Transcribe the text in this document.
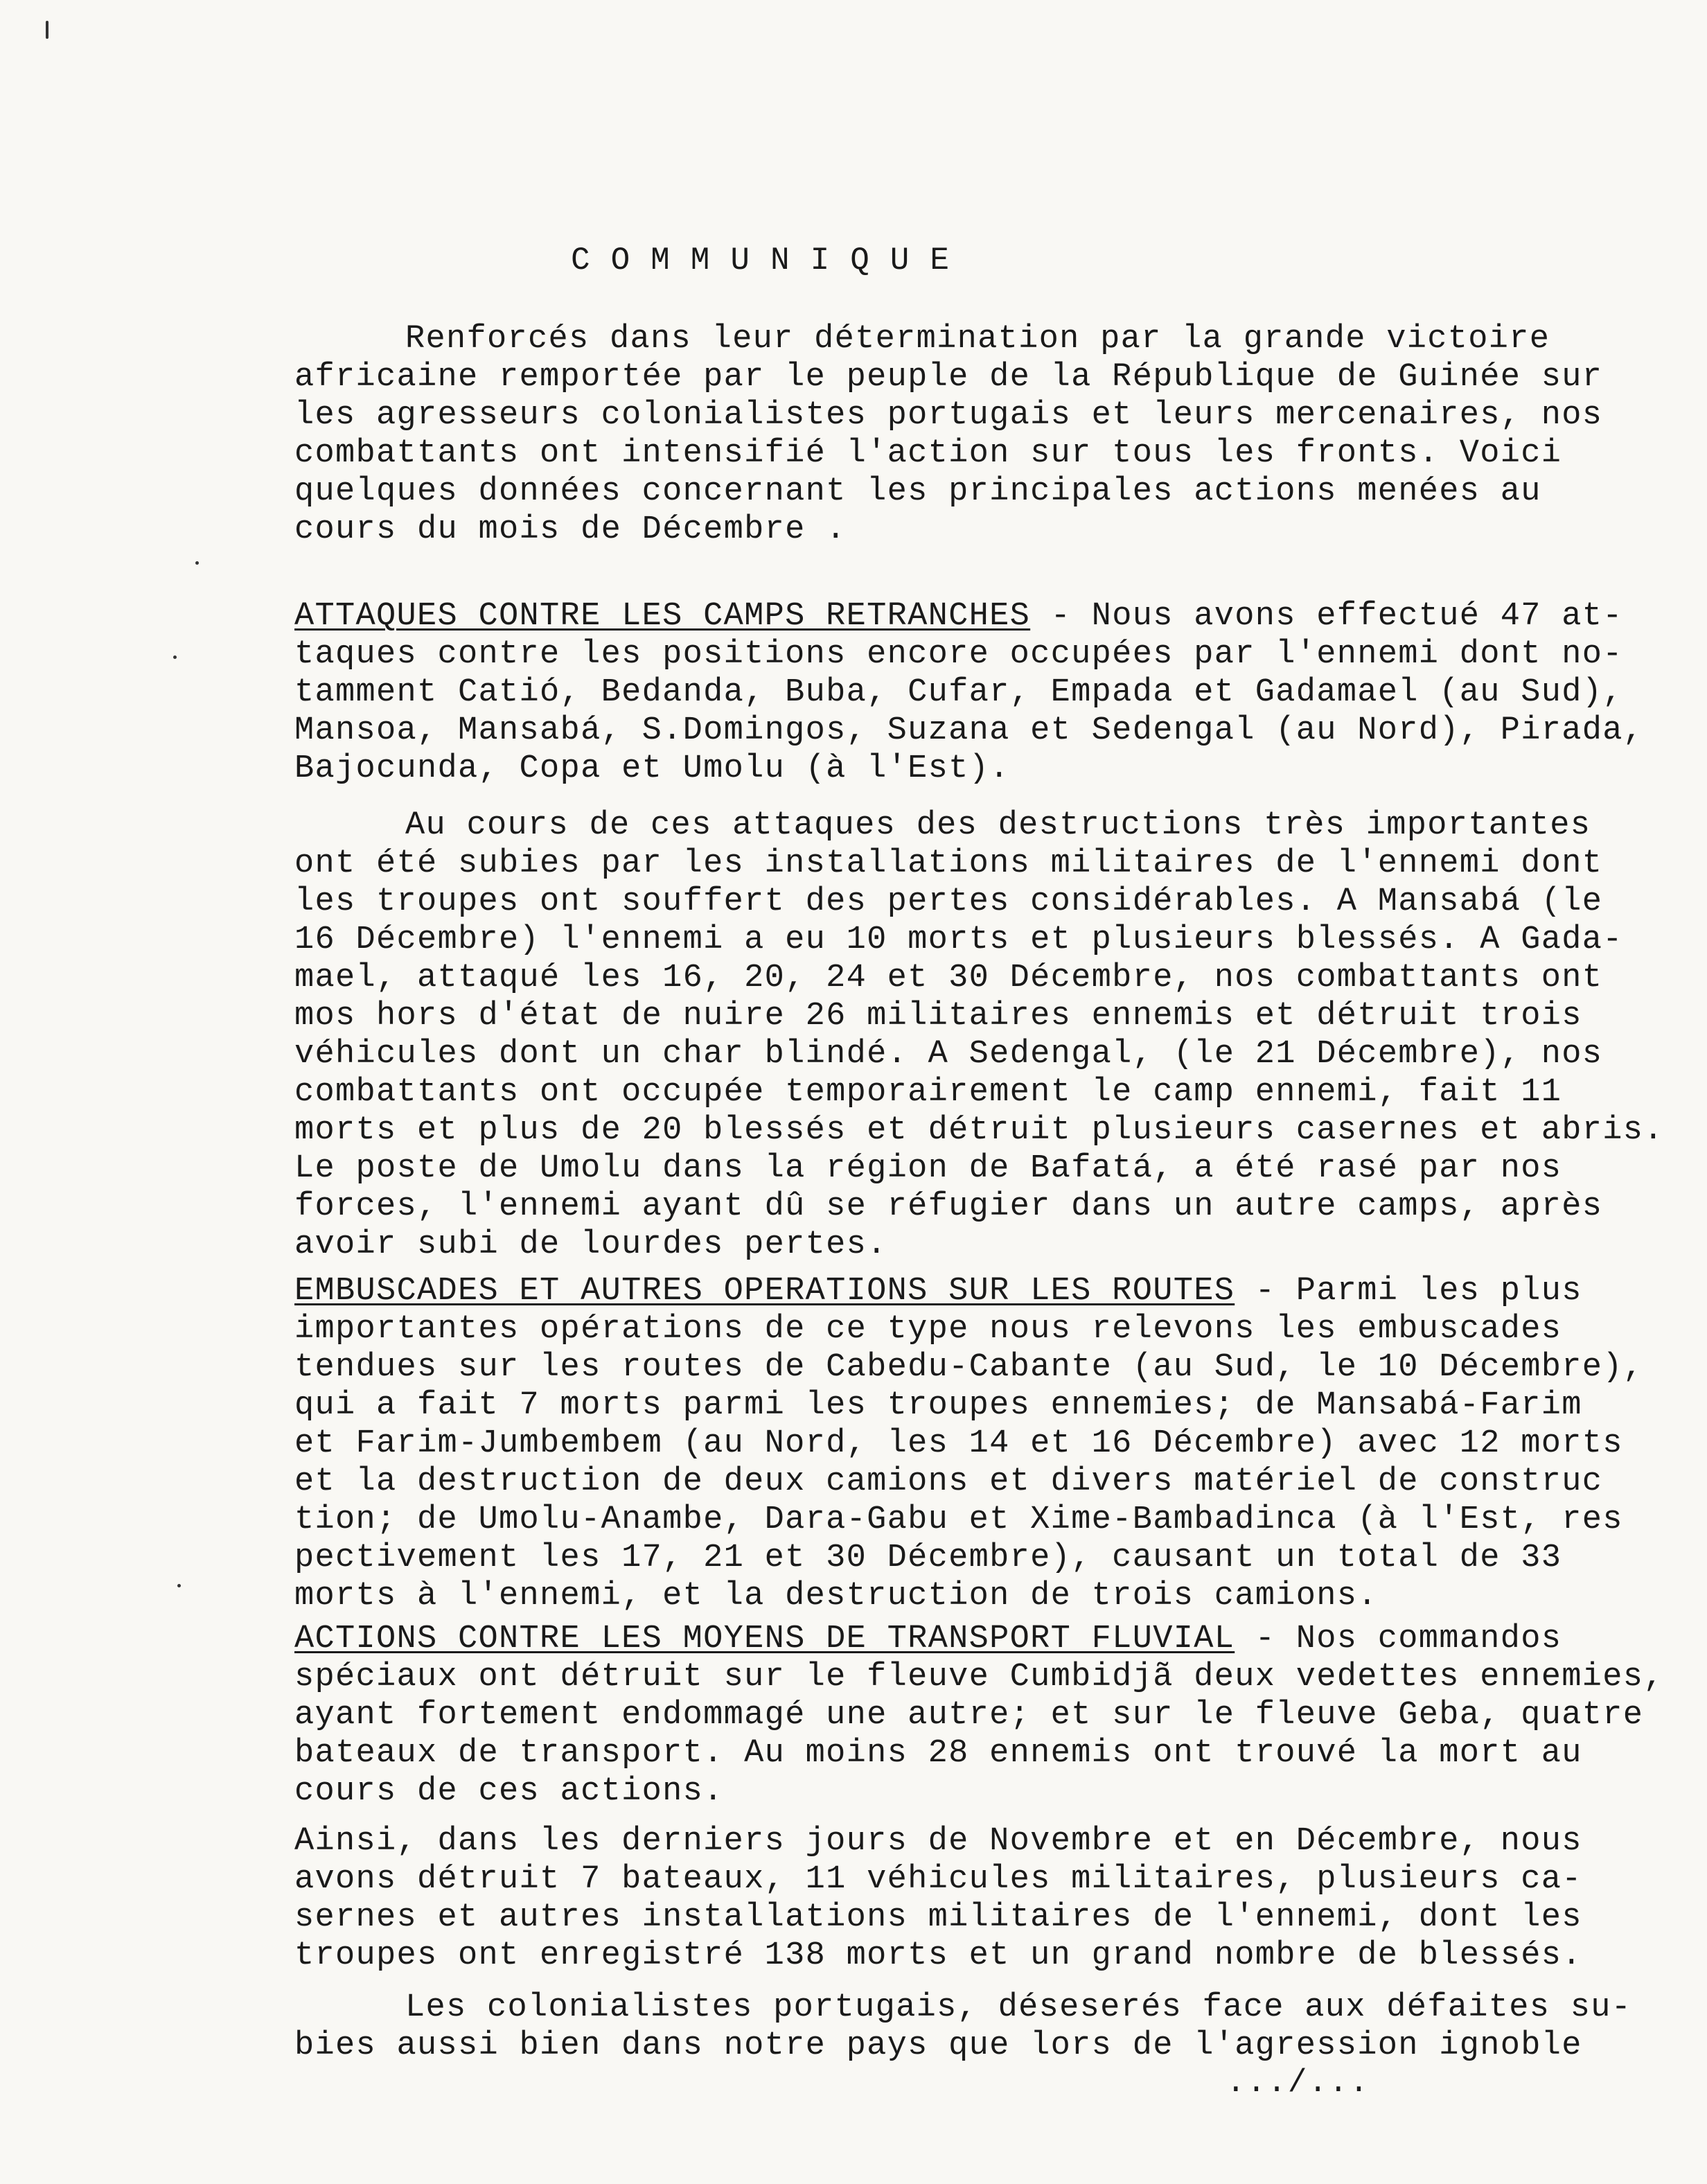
COMMUNIQUE
Renforcés dans leur détermination par la grande victoire
africaine remportée par le peuple de la République de Guinée sur
les agresseurs colonialistes portugais et leurs mercenaires, nos
combattants ont intensifié l'action sur tous les fronts. Voici
quelques données concernant les principales actions menées au
cours du mois de Décembre .
ATTAQUES CONTRE LES CAMPS RETRANCHES - Nous avons effectué 47 at-
taques contre les positions encore occupées par l'ennemi dont no-
tamment Catió, Bedanda, Buba, Cufar, Empada et Gadamael (au Sud),
Mansoa, Mansabá, S.Domingos, Suzana et Sedengal (au Nord), Pirada,
Bajocunda, Copa et Umolu (à l'Est).
Au cours de ces attaques des destructions très importantes
ont été subies par les installations militaires de l'ennemi dont
les troupes ont souffert des pertes considérables. A Mansabá (le
16 Décembre) l'ennemi a eu 10 morts et plusieurs blessés. A Gada-
mael, attaqué les 16, 20, 24 et 30 Décembre, nos combattants ont
mos hors d'état de nuire 26 militaires ennemis et détruit trois
véhicules dont un char blindé. A Sedengal, (le 21 Décembre), nos
combattants ont occupée temporairement le camp ennemi, fait 11
morts et plus de 20 blessés et détruit plusieurs casernes et abris.
Le poste de Umolu dans la région de Bafatá, a été rasé par nos
forces, l'ennemi ayant dû se réfugier dans un autre camps, après
avoir subi de lourdes pertes.
EMBUSCADES ET AUTRES OPERATIONS SUR LES ROUTES - Parmi les plus
importantes opérations de ce type nous relevons les embuscades
tendues sur les routes de Cabedu-Cabante (au Sud, le 10 Décembre),
qui a fait 7 morts parmi les troupes ennemies; de Mansabá-Farim
et Farim-Jumbembem (au Nord, les 14 et 16 Décembre) avec 12 morts
et la destruction de deux camions et divers matériel de construc
tion; de Umolu-Anambe, Dara-Gabu et Xime-Bambadinca (à l'Est, res
pectivement les 17, 21 et 30 Décembre), causant un total de 33
morts à l'ennemi, et la destruction de trois camions.
ACTIONS CONTRE LES MOYENS DE TRANSPORT FLUVIAL - Nos commandos
spéciaux ont détruit sur le fleuve Cumbidjã deux vedettes ennemies,
ayant fortement endommagé une autre; et sur le fleuve Geba, quatre
bateaux de transport. Au moins 28 ennemis ont trouvé la mort au
cours de ces actions.
Ainsi, dans les derniers jours de Novembre et en Décembre, nous
avons détruit 7 bateaux, 11 véhicules militaires, plusieurs ca-
sernes et autres installations militaires de l'ennemi, dont les
troupes ont enregistré 138 morts et un grand nombre de blessés.
Les colonialistes portugais, déseserés face aux défaites su-
bies aussi bien dans notre pays que lors de l'agression ignoble
.../...
